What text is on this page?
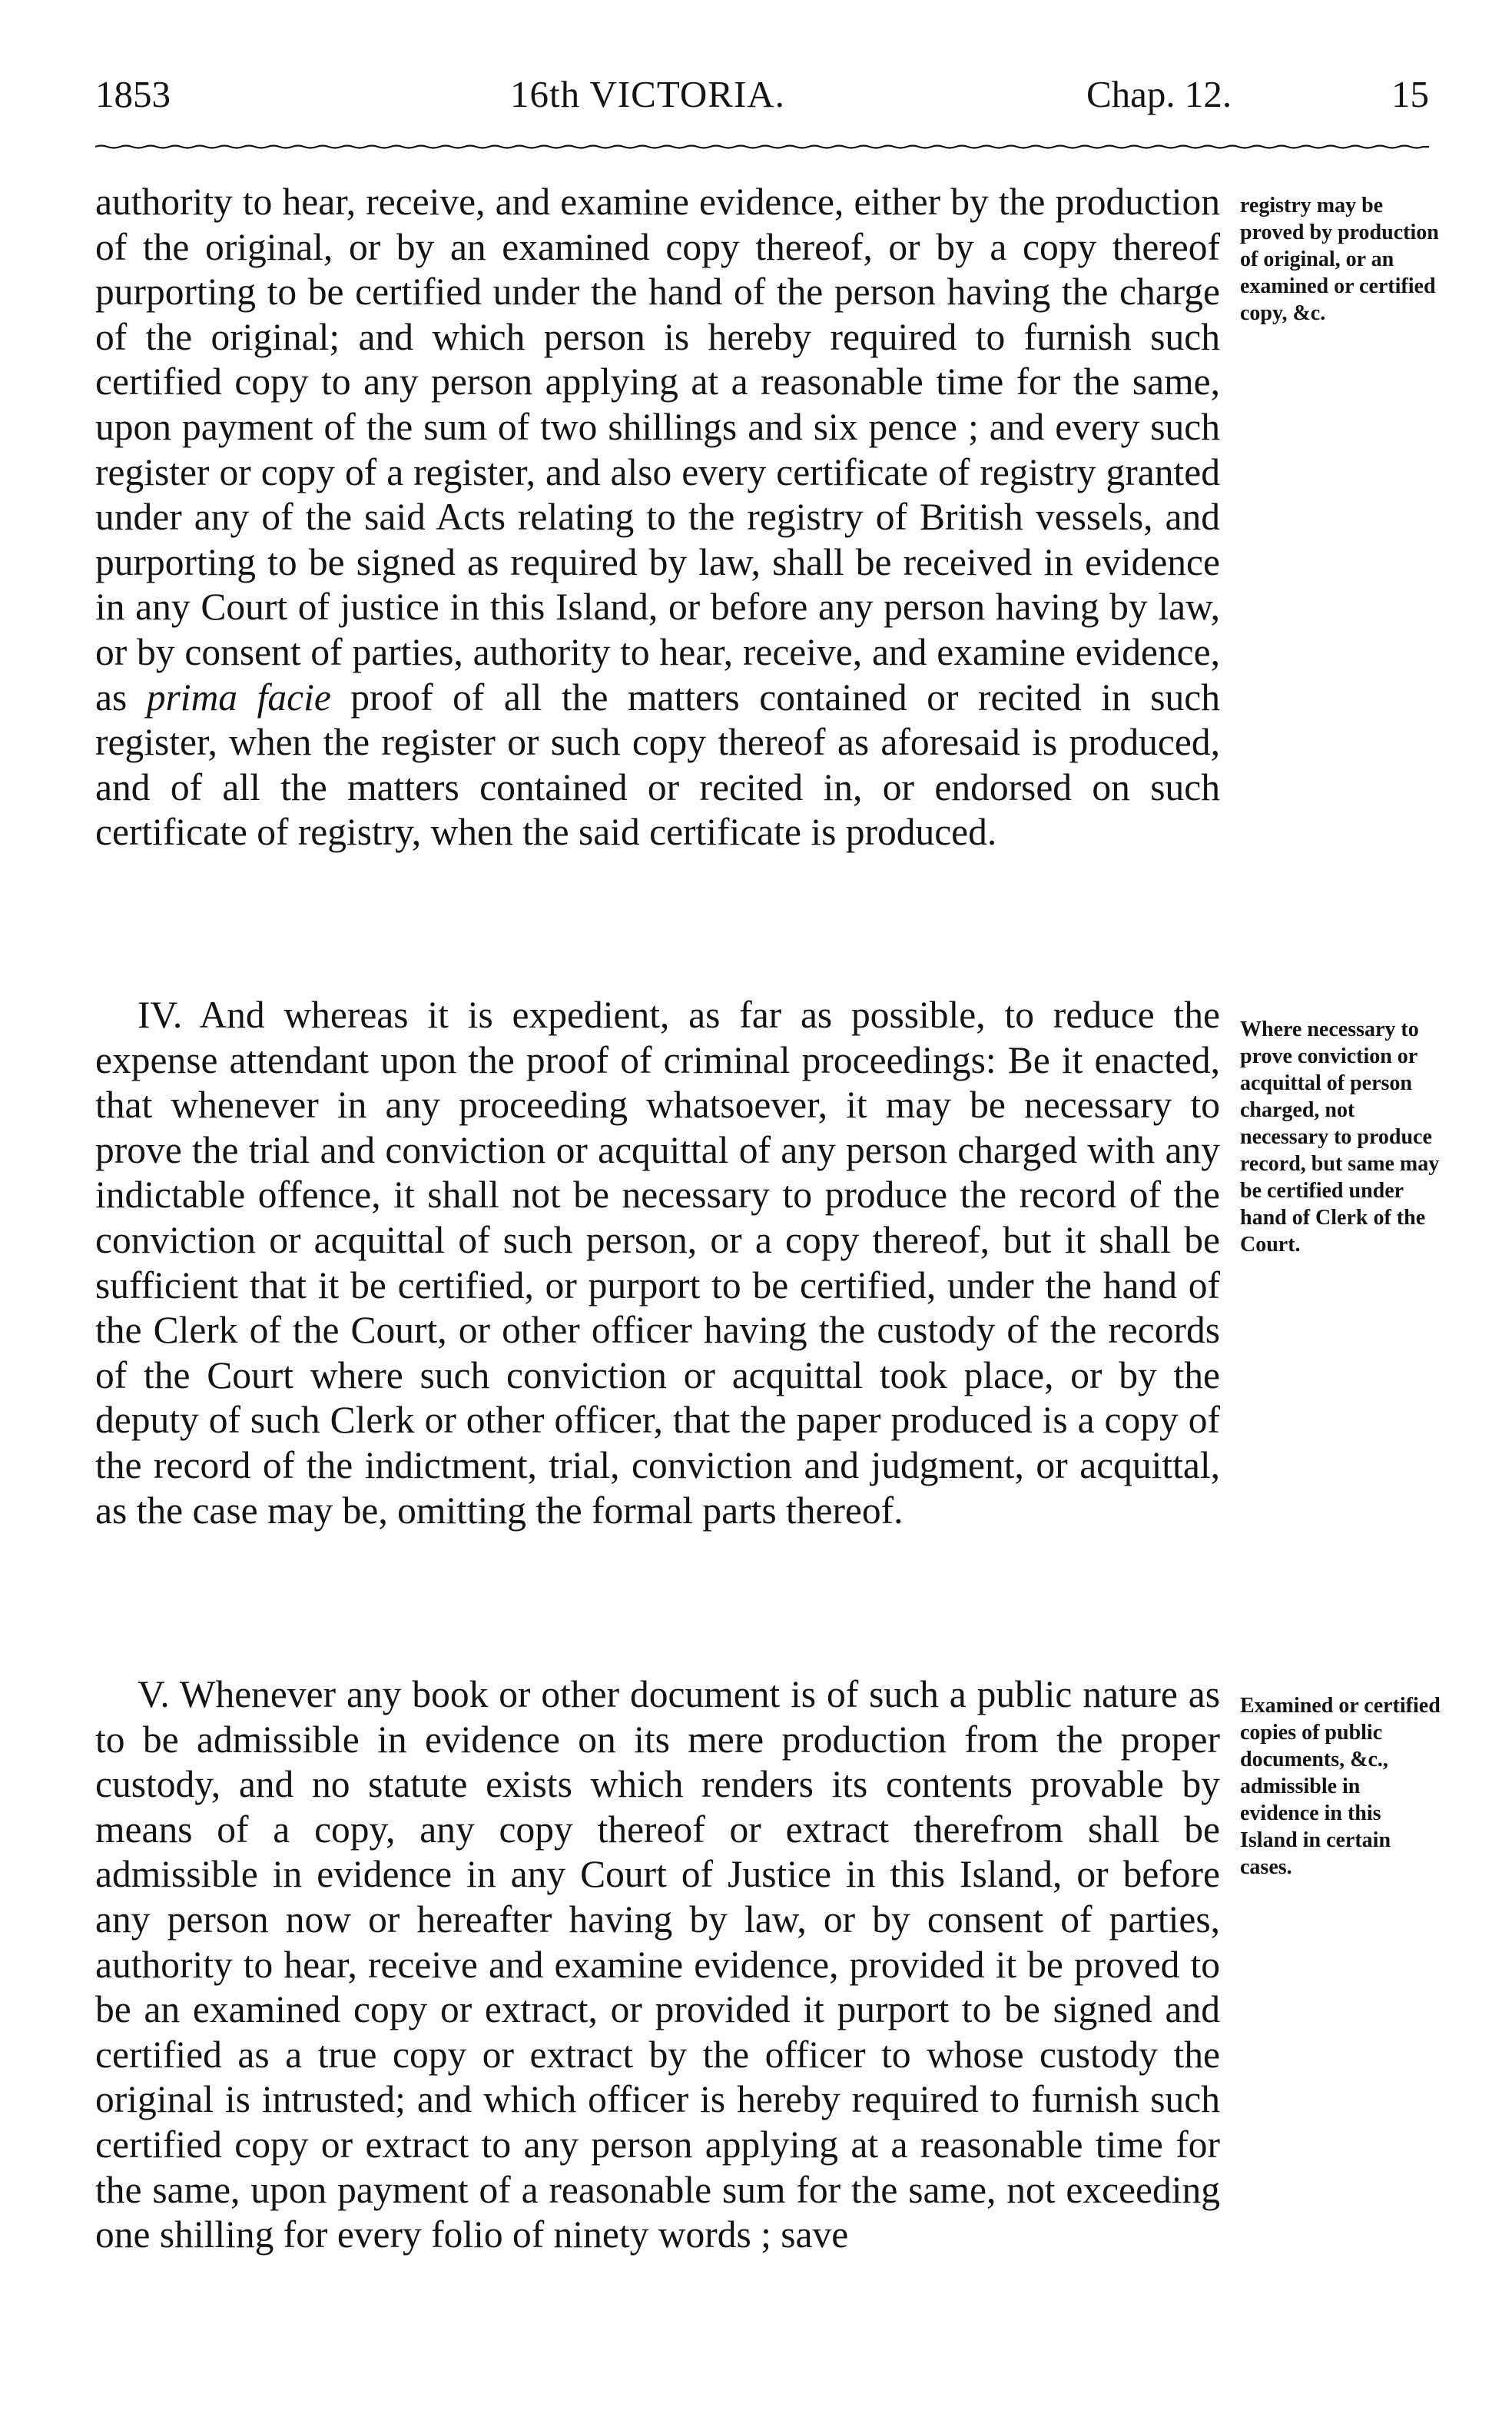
1853	16th VICTORIA.	Chap. 12.	15

authority to hear, receive, and examine evidence, either by the production of the original, or by an examined copy thereof, or by a copy thereof purporting to be certified under the hand of the person having the charge of the original; and which person is hereby required to furnish such certified copy to any person applying at a reasonable time for the same, upon payment of the sum of two shillings and six pence ; and every such register or copy of a register, and also every certificate of registry granted under any of the said Acts relating to the registry of British vessels, and purporting to be signed as required by law, shall be received in evidence in any Court of justice in this Island, or before any person having by law, or by consent of parties, authority to hear, receive, and examine evidence, as prima facie proof of all the matters contained or recited in such register, when the register or such copy thereof as aforesaid is produced, and of all the matters contained or recited in, or endorsed on such certificate of registry, when the said certificate is produced.

registry may be proved by production of original, or an examined or certified copy, &c.

IV. And whereas it is expedient, as far as possible, to reduce the expense attendant upon the proof of criminal proceedings: Be it enacted, that whenever in any proceeding whatsoever, it may be necessary to prove the trial and conviction or acquittal of any person charged with any indictable offence, it shall not be necessary to produce the record of the conviction or acquittal of such person, or a copy thereof, but it shall be sufficient that it be certified, or purport to be certified, under the hand of the Clerk of the Court, or other officer having the custody of the records of the Court where such conviction or acquittal took place, or by the deputy of such Clerk or other officer, that the paper produced is a copy of the record of the indictment, trial, conviction and judgment, or acquittal, as the case may be, omitting the formal parts thereof.

Where necessary to prove conviction or acquittal of person charged, not necessary to produce record, but same may be certified under hand of Clerk of the Court.

V. Whenever any book or other document is of such a public nature as to be admissible in evidence on its mere production from the proper custody, and no statute exists which renders its contents provable by means of a copy, any copy thereof or extract therefrom shall be admissible in evidence in any Court of Justice in this Island, or before any person now or hereafter having by law, or by consent of parties, authority to hear, receive and examine evidence, provided it be proved to be an examined copy or extract, or provided it purport to be signed and certified as a true copy or extract by the officer to whose custody the original is intrusted; and which officer is hereby required to furnish such certified copy or extract to any person applying at a reasonable time for the same, upon payment of a reasonable sum for the same, not exceeding one shilling for every folio of ninety words ; save

Examined or certified copies of public documents, &c., admissible in evidence in this Island in certain cases.
